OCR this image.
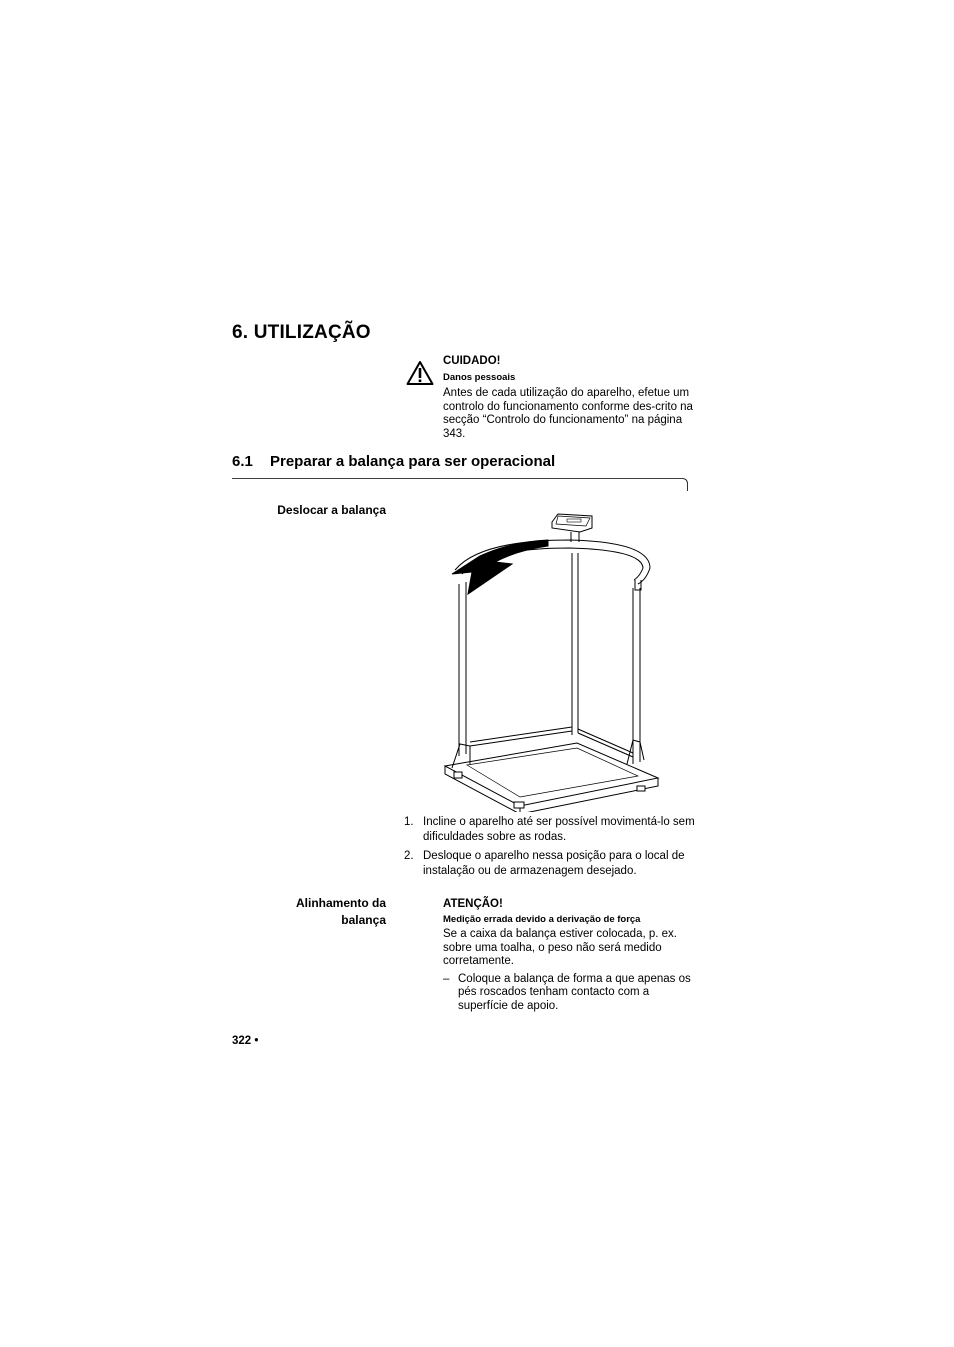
6. UTILIZAÇÃO
CUIDADO!
Danos pessoais

Antes de cada utilização do aparelho, efetue um controlo do funcionamento conforme des-crito na secção “Controlo do funcionamento” na página 343.

6.1 Preparar a balança para ser operacional
Deslocar a balança
1. Incline o aparelho até ser possível movimentá-lo sem dificuldades sobre as rodas.
2. Desloque o aparelho nessa posição para o local de instalação ou de armazenagem desejado.
Alinhamento da
balança
ATENÇÃO!
Medição errada devido a derivação de força

Se a caixa da balança estiver colocada, p. ex. sobre uma toalha, o peso não será medido corretamente.

– Coloque a balança de forma a que apenas os pés roscados tenham contacto com a superfície de apoio.
322 •
